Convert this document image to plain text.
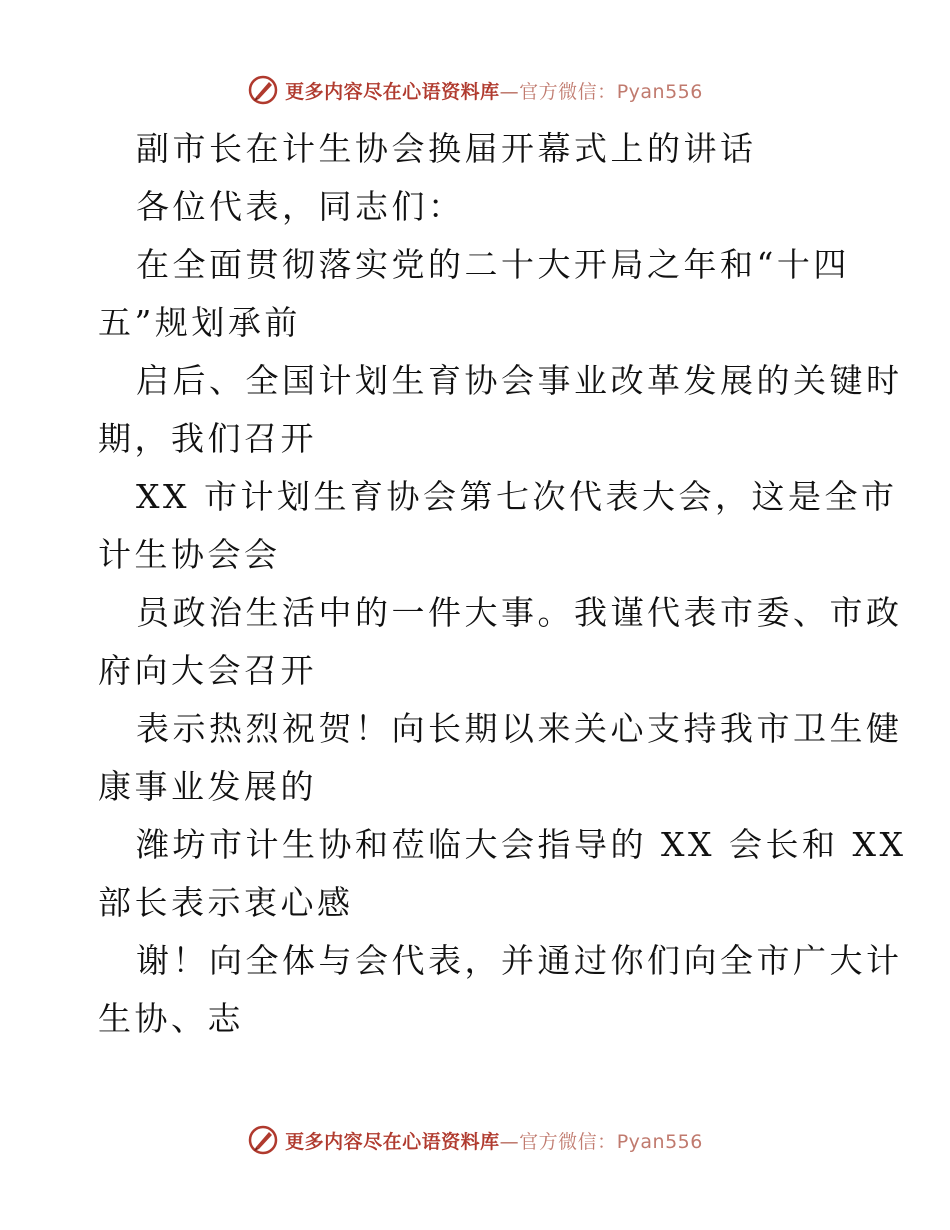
更多内容尽在心语资料库—官方微信：Pyan556
副市长在计生协会换届开幕式上的讲话
各位代表，同志们：
在全面贯彻落实党的二十大开局之年和“十四
五”规划承前
启后、全国计划生育协会事业改革发展的关键时
期，我们召开
XX 市计划生育协会第七次代表大会，这是全市
计生协会会
员政治生活中的一件大事。我谨代表市委、市政
府向大会召开
表示热烈祝贺！向长期以来关心支持我市卫生健
康事业发展的
潍坊市计生协和莅临大会指导的 XX 会长和 XX
部长表示衷心感
谢！向全体与会代表，并通过你们向全市广大计
生协、志
更多内容尽在心语资料库—官方微信：Pyan556
